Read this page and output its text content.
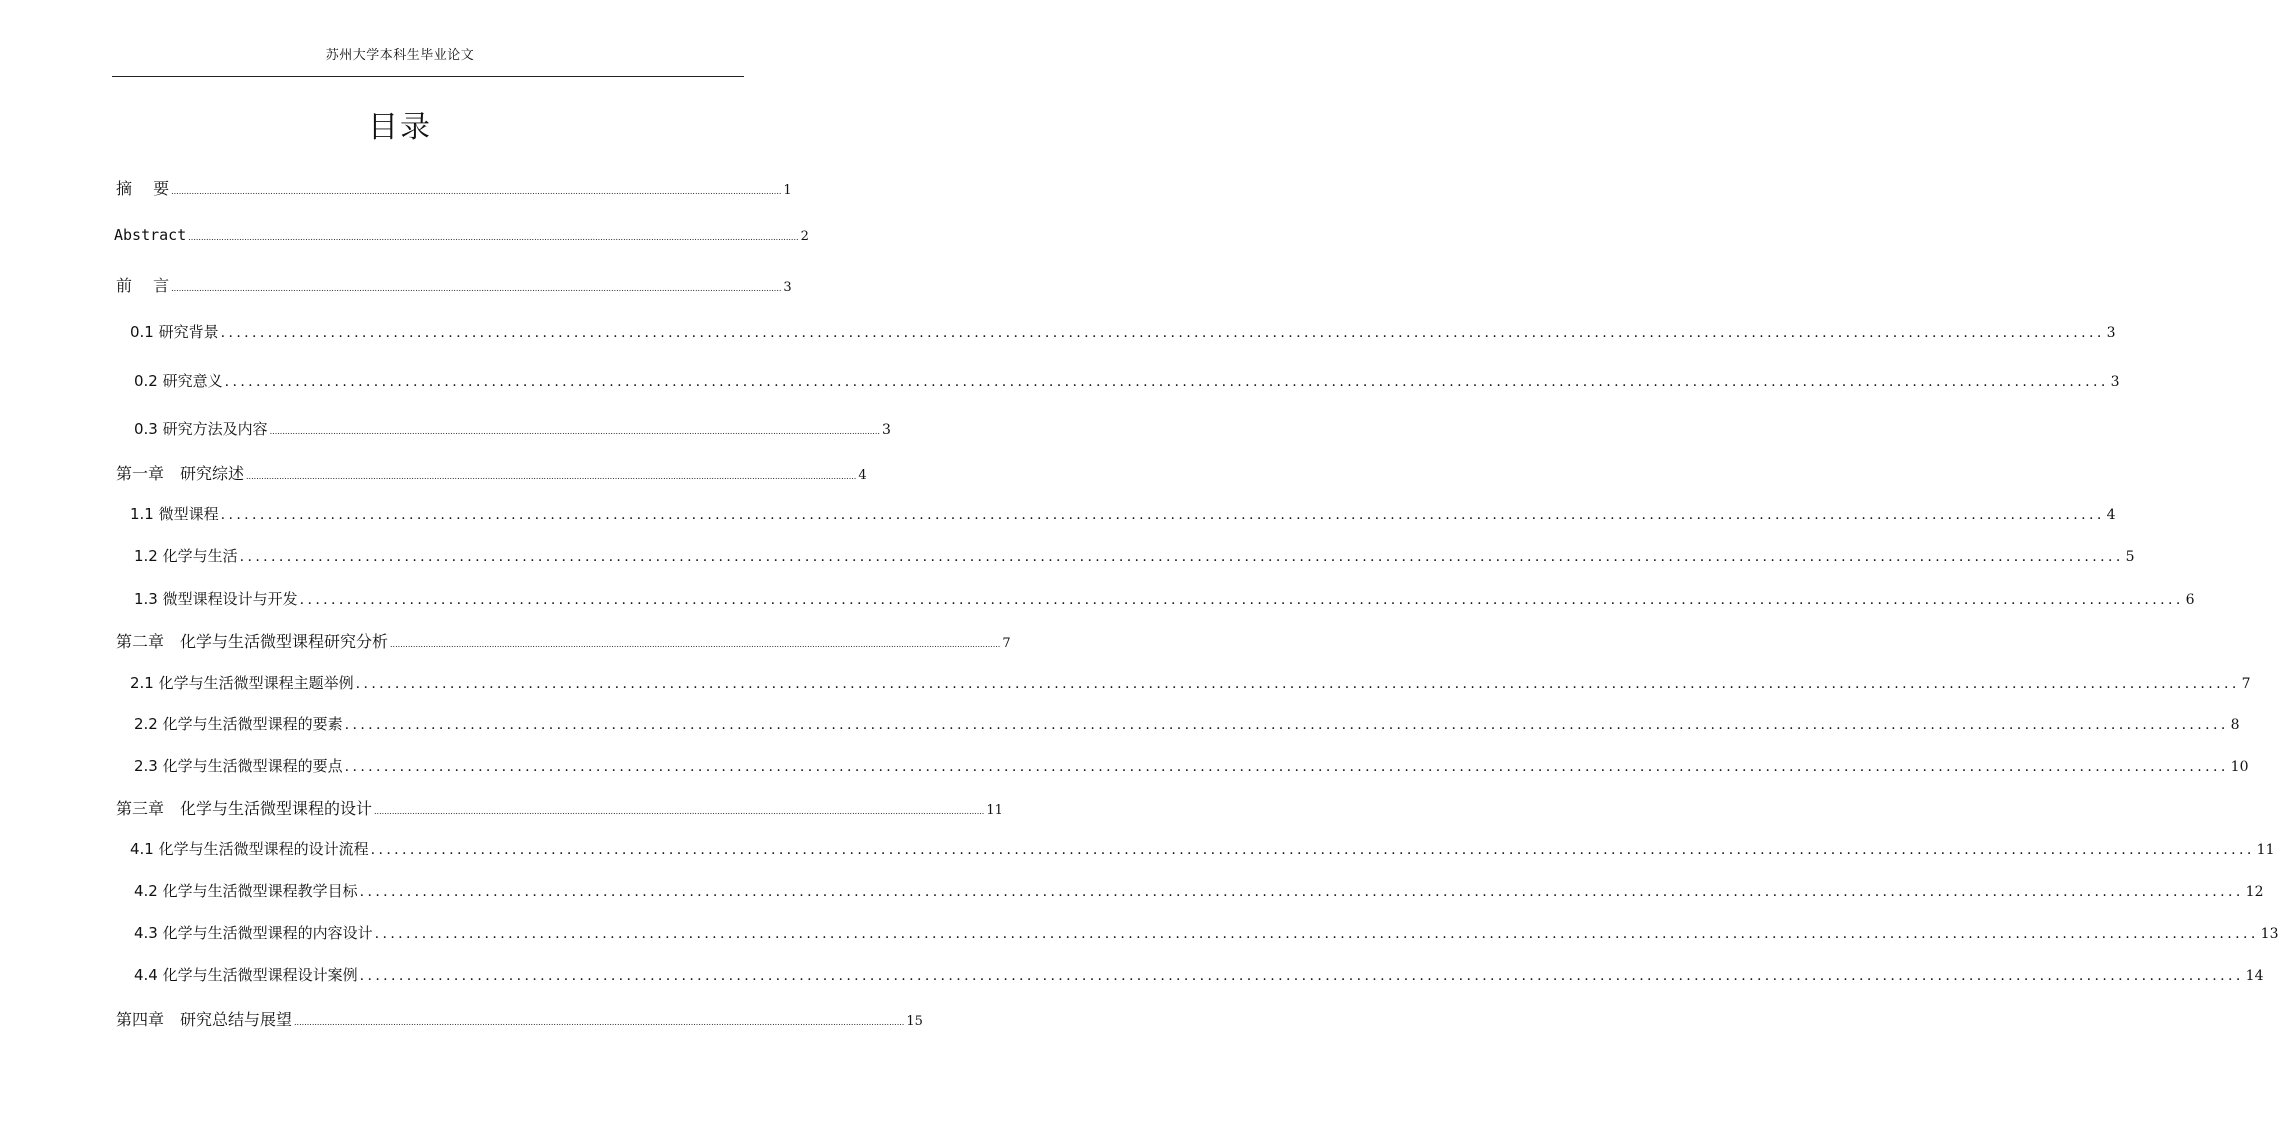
苏州大学本科生毕业论文
目录
摘　 要 ................................................................................................................................................................................................................................................ 1
Abstract ................................................................................................................................................................................................................................................ 2
前　 言 ................................................................................................................................................................................................................................................ 3
0.1 研究背景 ................................................................................................................................................................................................................................................ 3
0.2 研究意义 ................................................................................................................................................................................................................................................ 3
0.3 研究方法及内容 ................................................................................................................................................................................................................................................ 3
第一章　研究综述 ................................................................................................................................................................................................................................................ 4
1.1 微型课程 ................................................................................................................................................................................................................................................ 4
1.2 化学与生活 ................................................................................................................................................................................................................................................ 5
1.3 微型课程设计与开发 ................................................................................................................................................................................................................................................ 6
第二章　化学与生活微型课程研究分析 ................................................................................................................................................................................................................................................ 7
2.1 化学与生活微型课程主题举例 ................................................................................................................................................................................................................................................ 7
2.2 化学与生活微型课程的要素 ................................................................................................................................................................................................................................................ 8
2.3 化学与生活微型课程的要点 ................................................................................................................................................................................................................................................ 10
第三章　化学与生活微型课程的设计 ................................................................................................................................................................................................................................................ 11
4.1 化学与生活微型课程的设计流程 ................................................................................................................................................................................................................................................ 11
4.2 化学与生活微型课程教学目标 ................................................................................................................................................................................................................................................ 12
4.3 化学与生活微型课程的内容设计 ................................................................................................................................................................................................................................................ 13
4.4 化学与生活微型课程设计案例 ................................................................................................................................................................................................................................................ 14
第四章　研究总结与展望 ................................................................................................................................................................................................................................................ 15
